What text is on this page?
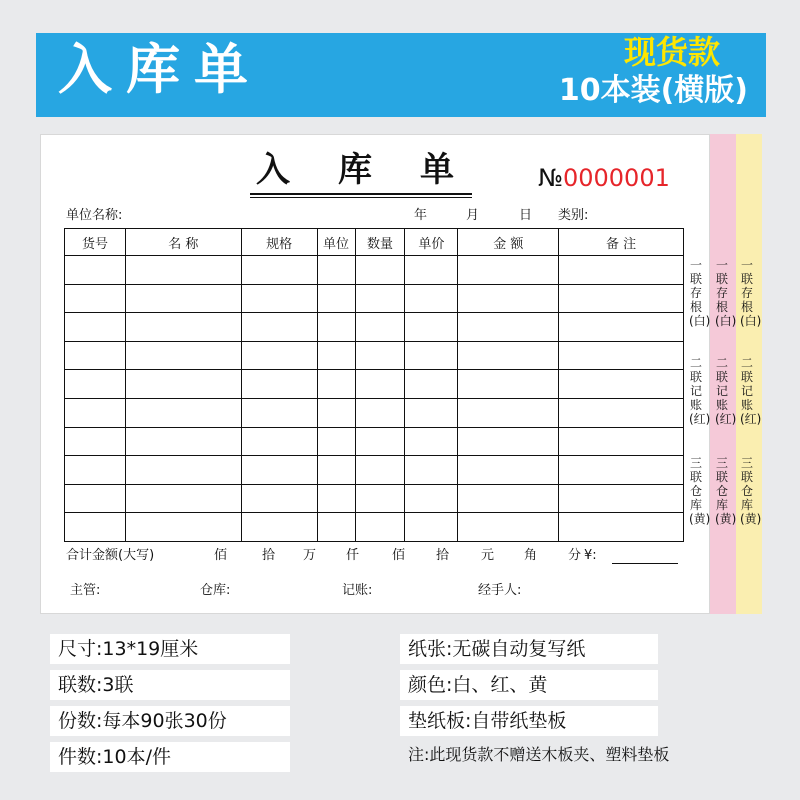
入库单	现货款
10本装(横版)
入库单 №0000001
单位名称:	年	月	日 类别:
货号	名 称	规格	单位	数量	单价	金 额	备 注

合计金额(大写)	佰	拾 万 仟	佰 拾 元 角 分 ¥:
主管:	仓库:	记账:	经手人:
一联 存根(白)
二联 记账(红)
三联 仓库(黄)
一联 存根(白)
二联 记账(红)
三联 仓库(黄)
一联 存根(白)
二联 记账(红)
三联 仓库(黄)
尺寸:13*19厘米
联数:3联
份数:每本90张30份
件数:10本/件
纸张:无碳自动复写纸
颜色:白、红、黄
垫纸板:自带纸垫板
注:此现货款不赠送木板夹、塑料垫板
